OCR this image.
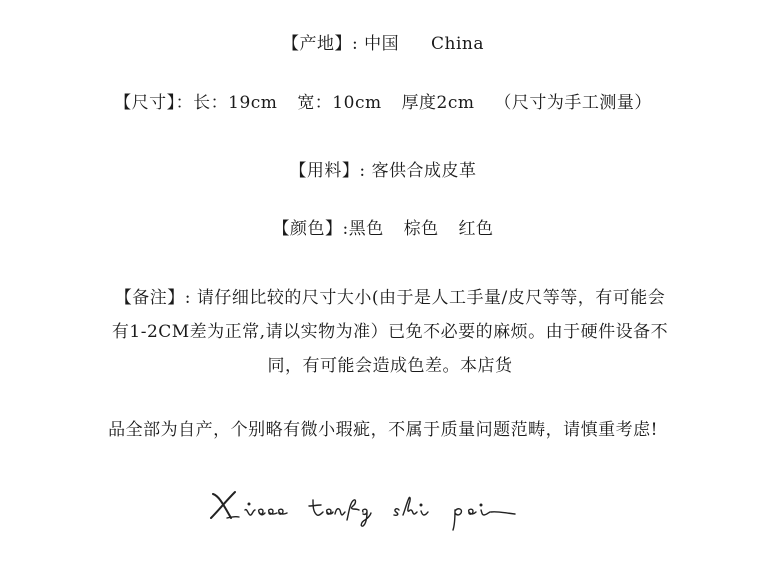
【产地】: 中国 China
【尺寸】：长：19cm 宽：10cm 厚度2cm （尺寸为手工测量）
【用料】: 客供合成皮革
【颜色】:黑色 棕色 红色
【备注】: 请仔细比较的尺寸大小(由于是人工手量/皮尺等等，有可能会
有1-2CM差为正常,请以实物为准）已免不必要的麻烦。由于硬件设备不
同，有可能会造成色差。本店货
品全部为自产，个别略有微小瑕疵，不属于质量问题范畴，请慎重考虑!
